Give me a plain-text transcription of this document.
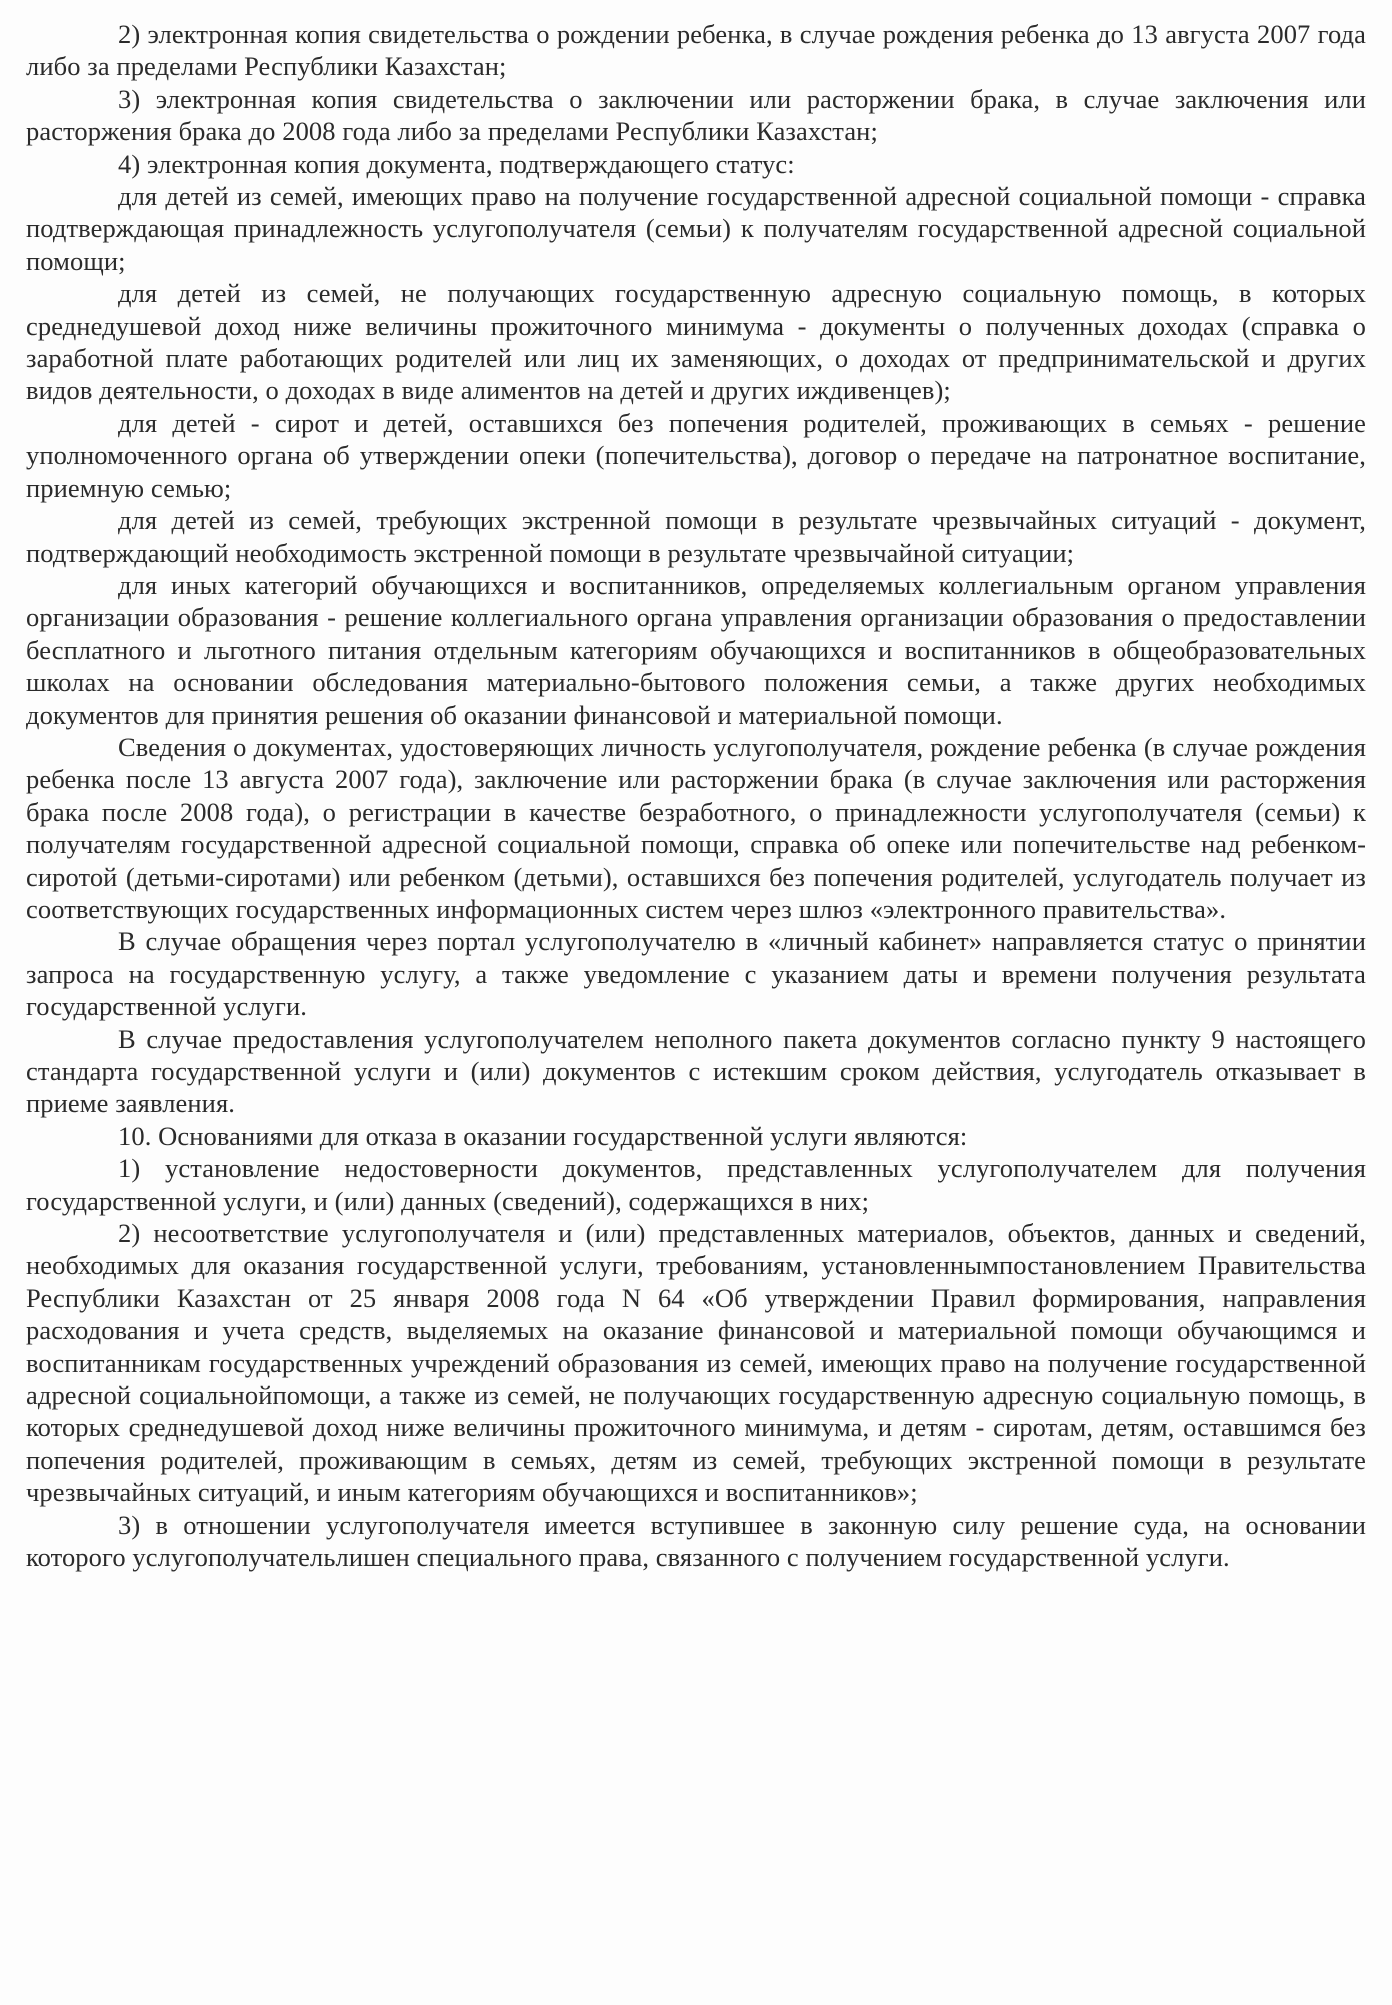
2) электронная копия свидетельства о рождении ребенка, в случае рождения ребенка до 13 августа 2007 года либо за пределами Республики Казахстан;

3) электронная копия свидетельства о заключении или расторжении брака, в случае заключения или расторжения брака до 2008 года либо за пределами Республики Казахстан;

4) электронная копия документа, подтверждающего статус:

для детей из семей, имеющих право на получение государственной адресной социальной помощи - справка подтверждающая принадлежность услугополучателя (семьи) к получателям государственной адресной социальной помощи;

для детей из семей, не получающих государственную адресную социальную помощь, в которых среднедушевой доход ниже величины прожиточного минимума - документы о полученных доходах (справка о заработной плате работающих родителей или лиц их заменяющих, о доходах от предпринимательской и других видов деятельности, о доходах в виде алиментов на детей и других иждивенцев);

для детей - сирот и детей, оставшихся без попечения родителей, проживающих в семьях - решение уполномоченного органа об утверждении опеки (попечительства), договор о передаче на патронатное воспитание, приемную семью;

для детей из семей, требующих экстренной помощи в результате чрезвычайных ситуаций - документ, подтверждающий необходимость экстренной помощи в результате чрезвычайной ситуации;

для иных категорий обучающихся и воспитанников, определяемых коллегиальным органом управления организации образования - решение коллегиального органа управления организации образования о предоставлении бесплатного и льготного питания отдельным категориям обучающихся и воспитанников в общеобразовательных школах на основании обследования материально-бытового положения семьи, а также других необходимых документов для принятия решения об оказании финансовой и материальной помощи.

Сведения о документах, удостоверяющих личность услугополучателя, рождение ребенка (в случае рождения ребенка после 13 августа 2007 года), заключение или расторжении брака (в случае заключения или расторжения брака после 2008 года), о регистрации в качестве безработного, о принадлежности услугополучателя (семьи) к получателям государственной адресной социальной помощи, справка об опеке или попечительстве над ребенком-сиротой (детьми-сиротами) или ребенком (детьми), оставшихся без попечения родителей, услугодатель получает из соответствующих государственных информационных систем через шлюз «электронного правительства».

В случае обращения через портал услугополучателю в «личный кабинет» направляется статус о принятии запроса на государственную услугу, а также уведомление с указанием даты и времени получения результата государственной услуги.

В случае предоставления услугополучателем неполного пакета документов согласно пункту 9 настоящего стандарта государственной услуги и (или) документов с истекшим сроком действия, услугодатель отказывает в приеме заявления.

10. Основаниями для отказа в оказании государственной услуги являются:

1) установление недостоверности документов, представленных услугополучателем для получения государственной услуги, и (или) данных (сведений), содержащихся в них;

2) несоответствие услугополучателя и (или) представленных материалов, объектов, данных и сведений, необходимых для оказания государственной услуги, требованиям, установленнымпостановлением Правительства Республики Казахстан от 25 января 2008 года N 64 «Об утверждении Правил формирования, направления расходования и учета средств, выделяемых на оказание финансовой и материальной помощи обучающимся и воспитанникам государственных учреждений образования из семей, имеющих право на получение государственной адресной социальнойпомощи, а также из семей, не получающих государственную адресную социальную помощь, в которых среднедушевой доход ниже величины прожиточного минимума, и детям - сиротам, детям, оставшимся без попечения родителей, проживающим в семьях, детям из семей, требующих экстренной помощи в результате чрезвычайных ситуаций, и иным категориям обучающихся и воспитанников»;

3) в отношении услугополучателя имеется вступившее в законную силу решение суда, на основании которого услугополучательлишен специального права, связанного с получением государственной услуги.
